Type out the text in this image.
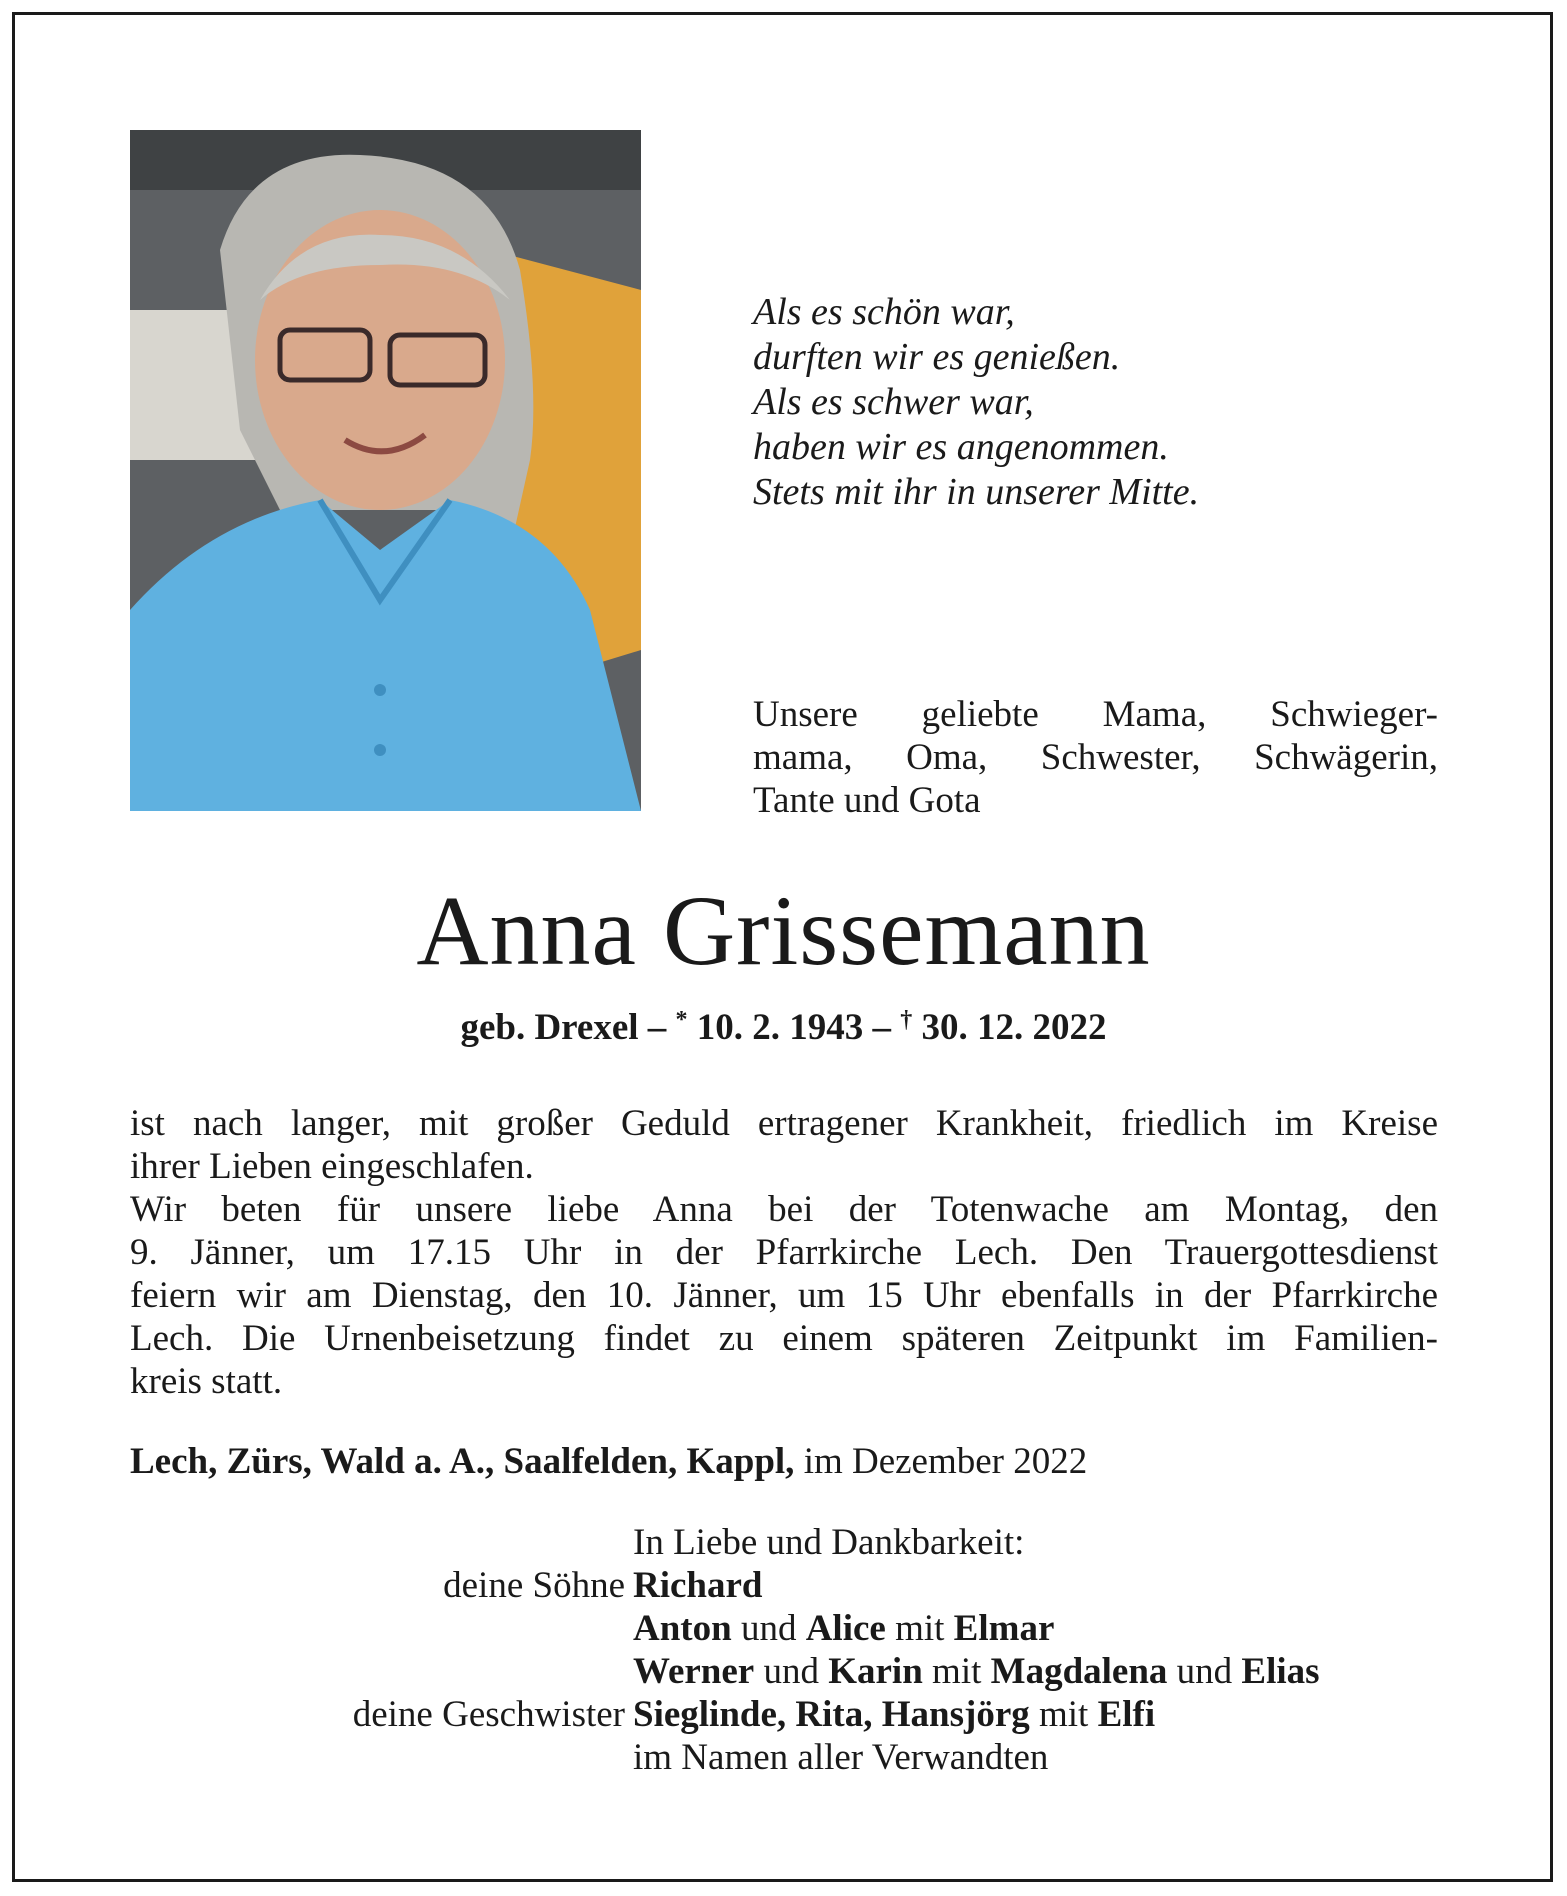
Als es schön war,
durften wir es genießen.
Als es schwer war,
haben wir es angenommen.
Stets mit ihr in unserer Mitte.
Unsere geliebte Mama, Schwieger-
mama, Oma, Schwester, Schwägerin,
Tante und Gota
Anna Grissemann
geb. Drexel – * 10. 2. 1943 – † 30. 12. 2022
ist nach langer, mit großer Geduld ertragener Krankheit, friedlich im Kreise
ihrer Lieben eingeschlafen.
Wir beten für unsere liebe Anna bei der Totenwache am Montag, den
9. Jänner, um 17.15 Uhr in der Pfarrkirche Lech. Den Trauergottesdienst
feiern wir am Dienstag, den 10. Jänner, um 15 Uhr ebenfalls in der Pfarrkirche
Lech. Die Urnenbeisetzung findet zu einem späteren Zeitpunkt im Familien-
kreis statt.
Lech, Zürs, Wald a. A., Saalfelden, Kappl, im Dezember 2022
In Liebe und Dankbarkeit:
deine Söhne Richard
Anton und Alice mit Elmar
Werner und Karin mit Magdalena und Elias
deine Geschwister Sieglinde, Rita, Hansjörg mit Elfi
im Namen aller Verwandten
